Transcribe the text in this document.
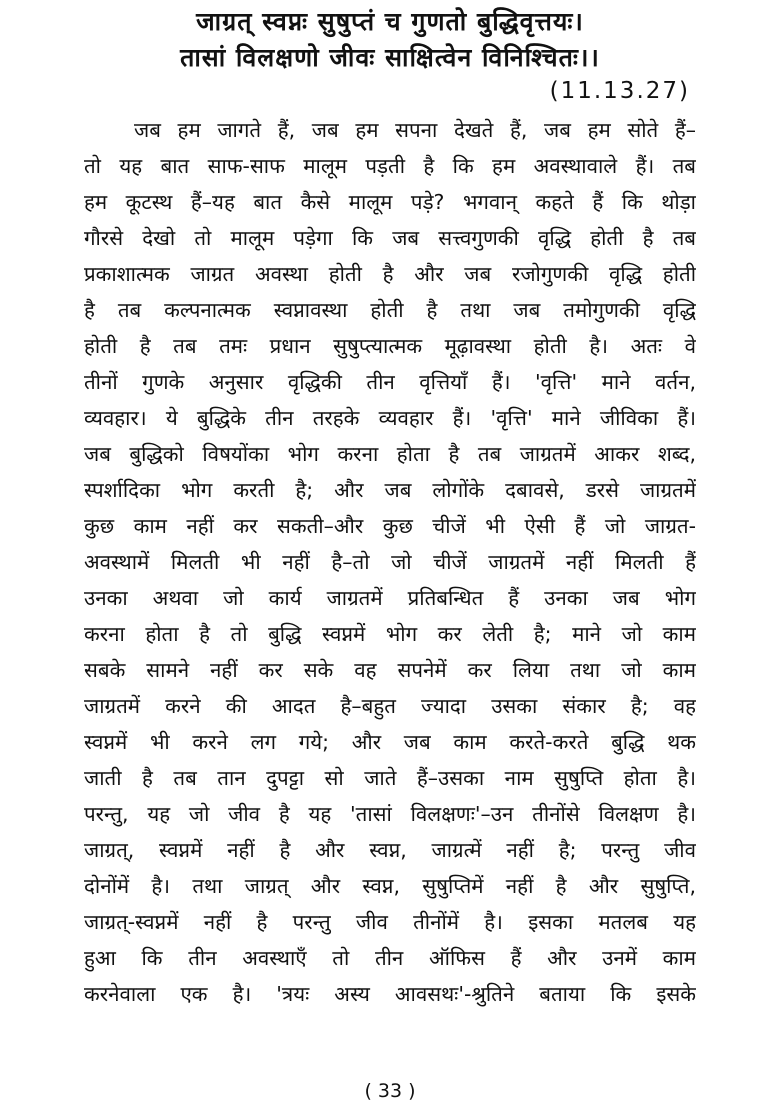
जाग्रत् स्वप्नः सुषुप्तं च गुणतो बुद्धिवृत्तयः।
तासां विलक्षणो जीवः साक्षित्वेन विनिश्चितः।।
(11.13.27)
जब हम जागते हैं, जब हम सपना देखते हैं, जब हम सोते हैं–
तो यह बात साफ-साफ मालूम पड़ती है कि हम अवस्थावाले हैं। तब
हम कूटस्थ हैं–यह बात कैसे मालूम पड़े? भगवान् कहते हैं कि थोड़ा
गौरसे देखो तो मालूम पड़ेगा कि जब सत्त्वगुणकी वृद्धि होती है तब
प्रकाशात्मक जाग्रत अवस्था होती है और जब रजोगुणकी वृद्धि होती
है तब कल्पनात्मक स्वप्नावस्था होती है तथा जब तमोगुणकी वृद्धि
होती है तब तमः प्रधान सुषुप्त्यात्मक मूढ़ावस्था होती है। अतः वे
तीनों गुणके अनुसार वृद्धिकी तीन वृत्तियाँ हैं। 'वृत्ति' माने वर्तन,
व्यवहार। ये बुद्धिके तीन तरहके व्यवहार हैं। 'वृत्ति' माने जीविका हैं।
जब बुद्धिको विषयोंका भोग करना होता है तब जाग्रतमें आकर शब्द,
स्पर्शादिका भोग करती है; और जब लोगोंके दबावसे, डरसे जाग्रतमें
कुछ काम नहीं कर सकती–और कुछ चीजें भी ऐसी हैं जो जाग्रत-
अवस्थामें मिलती भी नहीं है–तो जो चीजें जाग्रतमें नहीं मिलती हैं
उनका अथवा जो कार्य जाग्रतमें प्रतिबन्धित हैं उनका जब भोग
करना होता है तो बुद्धि स्वप्नमें भोग कर लेती है; माने जो काम
सबके सामने नहीं कर सके वह सपनेमें कर लिया तथा जो काम
जाग्रतमें करने की आदत है–बहुत ज्यादा उसका संकार है; वह
स्वप्नमें भी करने लग गये; और जब काम करते-करते बुद्धि थक
जाती है तब तान दुपट्टा सो जाते हैं–उसका नाम सुषुप्ति होता है।
परन्तु, यह जो जीव है यह 'तासां विलक्षणः'–उन तीनोंसे विलक्षण है।
जाग्रत्, स्वप्नमें नहीं है और स्वप्न, जाग्रत्में नहीं है; परन्तु जीव
दोनोंमें है। तथा जाग्रत् और स्वप्न, सुषुप्तिमें नहीं है और सुषुप्ति,
जाग्रत्-स्वप्नमें नहीं है परन्तु जीव तीनोंमें है। इसका मतलब यह
हुआ कि तीन अवस्थाएँ तो तीन ऑफिस हैं और उनमें काम
करनेवाला एक है। 'त्रयः अस्य आवसथः'-श्रुतिने बताया कि इसके
( 33 )
